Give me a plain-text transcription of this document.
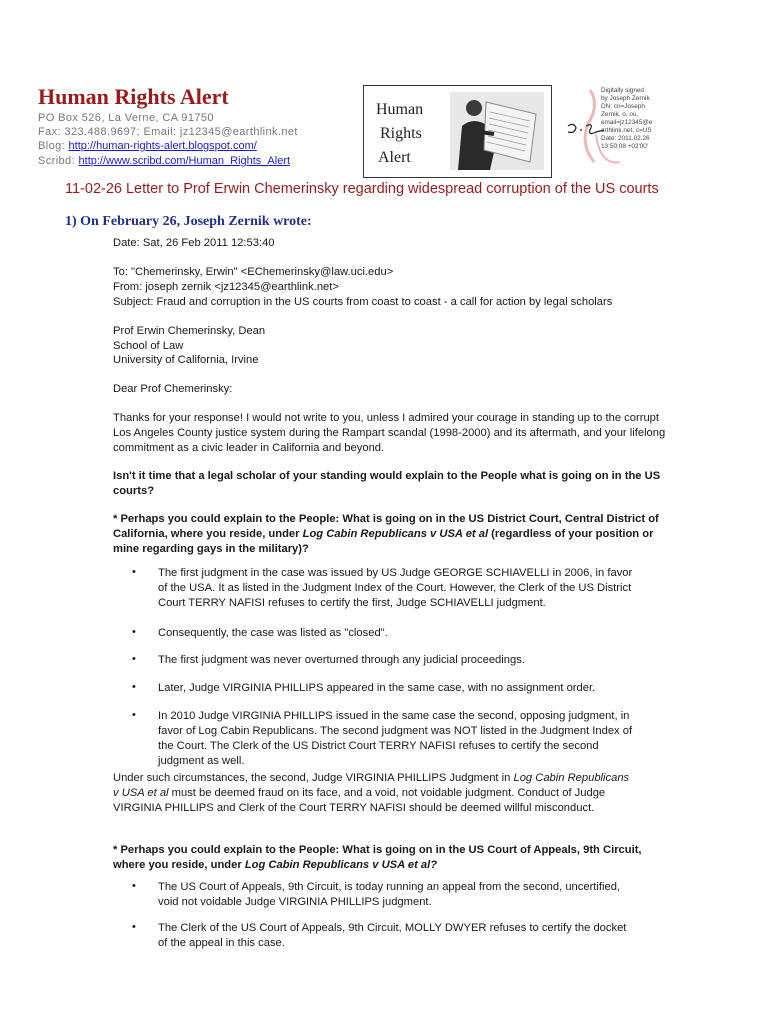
Human Rights Alert
PO Box 526, La Verne, CA 91750
Fax: 323.488.9697; Email: jz12345@earthlink.net
Blog: http://human-rights-alert.blogspot.com/
Scribd: http://www.scribd.com/Human_Rights_Alert
Human
Rights
Alert
Digitally signed
by Joseph Zernik
DN: cn=Joseph
Zernik, o, ou,
email=jz12345@e
arthlink.net, c=US
Date: 2011.02.26
13:50:08 +02'00'
11-02-26 Letter to Prof Erwin Chemerinsky regarding widespread corruption of the US courts
1) On February 26, Joseph Zernik wrote:
Date: Sat, 26 Feb 2011 12:53:40
To: "Chemerinsky, Erwin" <EChemerinsky@law.uci.edu>
From: joseph zernik <jz12345@earthlink.net>
Subject: Fraud and corruption in the US courts from coast to coast - a call for action by legal scholars
Prof Erwin Chemerinsky, Dean
School of Law
University of California, Irvine
Dear Prof Chemerinsky:
Thanks for your response! I would not write to you, unless I admired your courage in standing up to the corrupt Los Angeles County justice system during the Rampart scandal (1998-2000) and its aftermath, and your lifelong commitment as a civic leader in California and beyond.
Isn't it time that a legal scholar of your standing would explain to the People what is going on in the US courts?
* Perhaps you could explain to the People: What is going on in the US District Court, Central District of California, where you reside, under Log Cabin Republicans v USA et al (regardless of your position or mine regarding gays in the military)?
• The first judgment in the case was issued by US Judge GEORGE SCHIAVELLI in 2006, in favor of the USA. It as listed in the Judgment Index of the Court. However, the Clerk of the US District Court TERRY NAFISI refuses to certify the first, Judge SCHIAVELLI judgment.
• Consequently, the case was listed as "closed".
• The first judgment was never overturned through any judicial proceedings.
• Later, Judge VIRGINIA PHILLIPS appeared in the same case, with no assignment order.
• In 2010 Judge VIRGINIA PHILLIPS issued in the same case the second, opposing judgment, in favor of Log Cabin Republicans. The second judgment was NOT listed in the Judgment Index of the Court. The Clerk of the US District Court TERRY NAFISI refuses to certify the second judgment as well.
Under such circumstances, the second, Judge VIRGINIA PHILLIPS Judgment in Log Cabin Republicans v USA et al must be deemed fraud on its face, and a void, not voidable judgment. Conduct of Judge VIRGINIA PHILLIPS and Clerk of the Court TERRY NAFISI should be deemed willful misconduct.
* Perhaps you could explain to the People: What is going on in the US Court of Appeals, 9th Circuit, where you reside, under Log Cabin Republicans v USA et al?
• The US Court of Appeals, 9th Circuit, is today running an appeal from the second, uncertified, void not voidable Judge VIRGINIA PHILLIPS judgment.
• The Clerk of the US Court of Appeals, 9th Circuit, MOLLY DWYER refuses to certify the docket of the appeal in this case.
